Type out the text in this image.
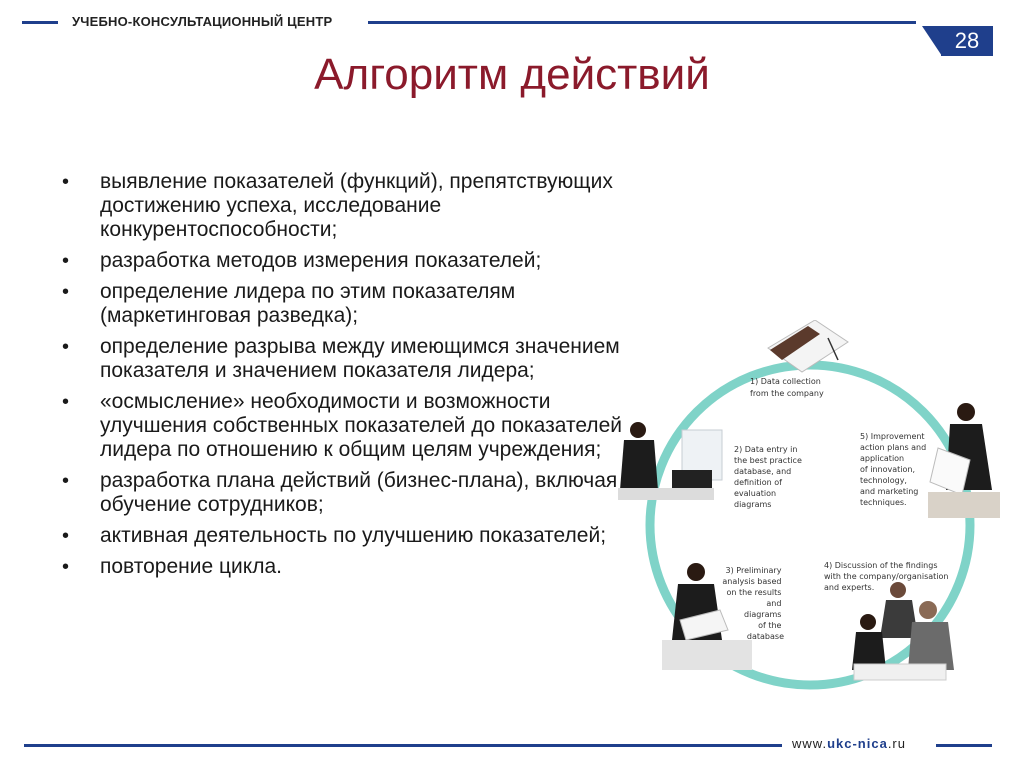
УЧЕБНО-КОНСУЛЬТАЦИОННЫЙ ЦЕНТР
28
Алгоритм действий
• выявление показателей (функций), препятствующих достижению успеха, исследование конкурентоспособности;
• разработка методов измерения показателей;
• определение лидера по этим показателям (маркетинговая разведка);
• определение разрыва между имеющимся значением показателя и значением показателя лидера;
• «осмысление» необходимости и возможности улучшения собственных показателей до показателей лидера по отношению к общим целям учреждения;
• разработка плана действий (бизнес-плана), включая обучение сотрудников;
• активная деятельность по улучшению показателей;
• повторение цикла.
1) Data collection from the company
2) Data entry in the best practice database, and definition of evaluation diagrams
3) Preliminary analysis based on the results and diagrams of the database
4) Discussion of the findings with the company/organisation and experts.
5) Improvement action plans and application of innovation, technology, and marketing techniques.
www.ukc-nica.ru
